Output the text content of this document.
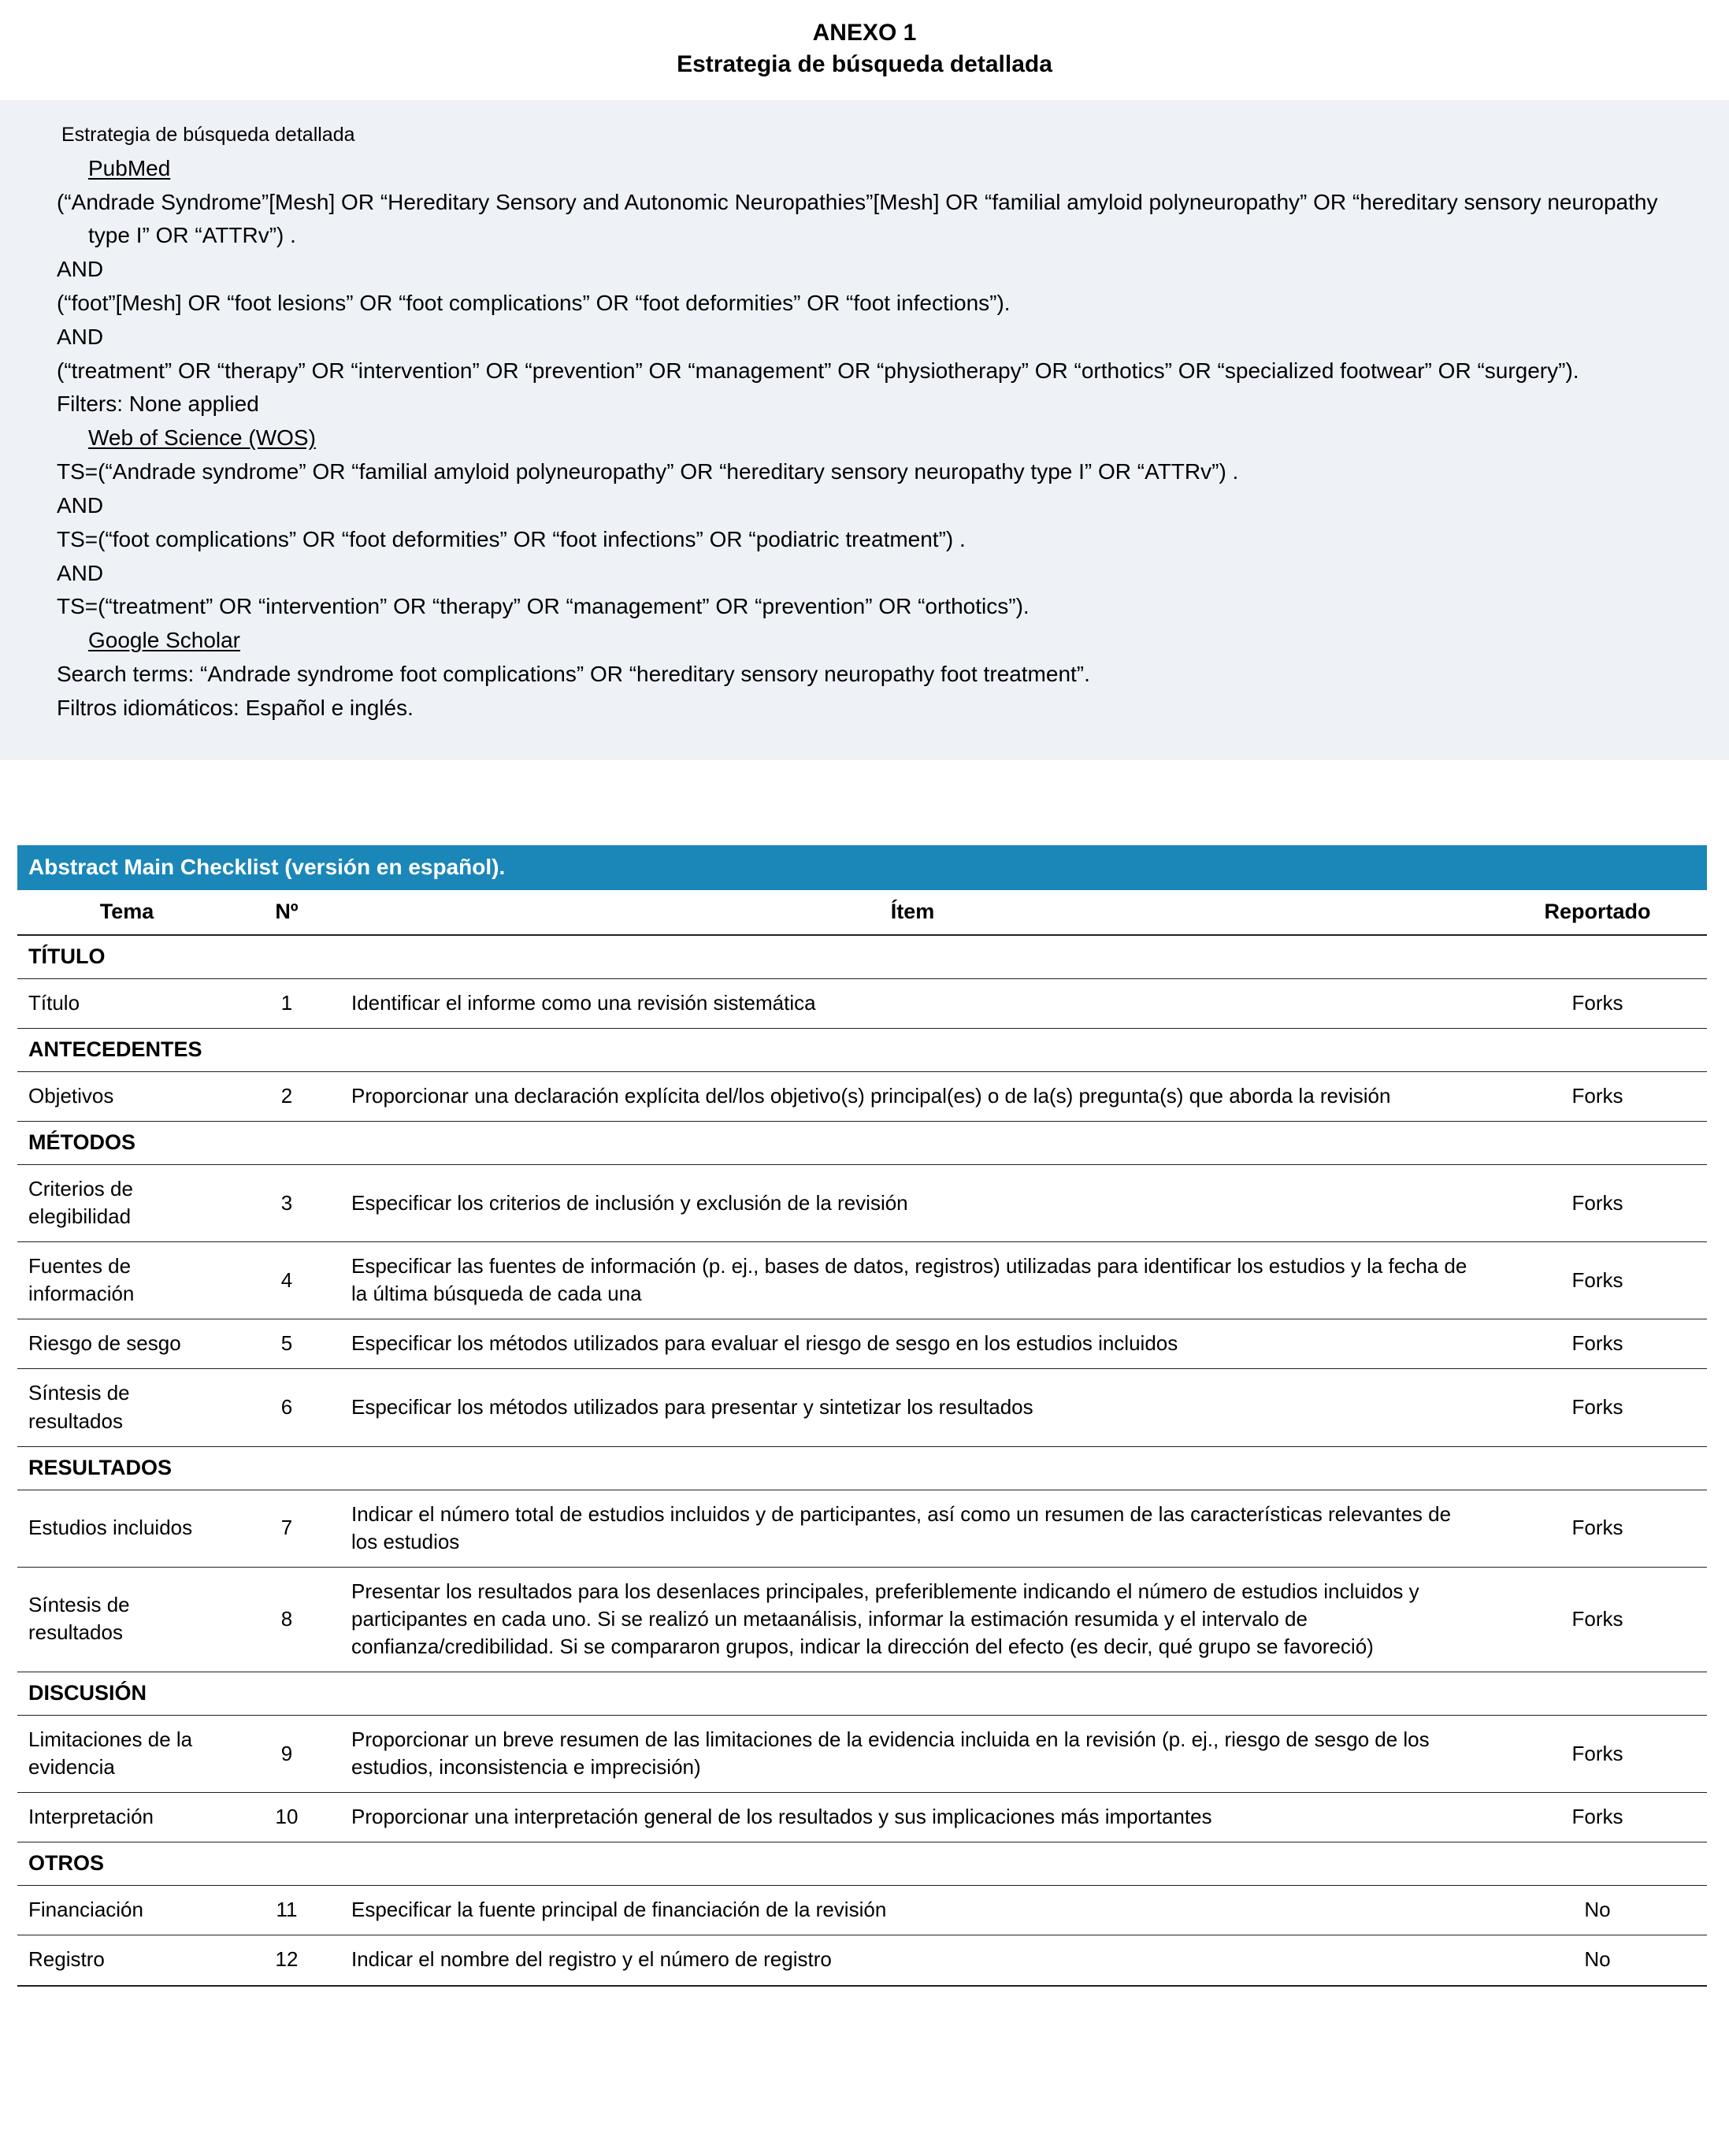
ANEXO 1
Estrategia de búsqueda detallada
Estrategia de búsqueda detallada
PubMed
(“Andrade Syndrome”[Mesh] OR “Hereditary Sensory and Autonomic Neuropathies”[Mesh] OR “familial amyloid polyneuropathy” OR “hereditary sensory neuropathy type I” OR “ATTRv”) .
AND
(“foot”[Mesh] OR “foot lesions” OR “foot complications” OR “foot deformities” OR “foot infections”).
AND
(“treatment” OR “therapy” OR “intervention” OR “prevention” OR “management” OR “physiotherapy” OR “orthotics” OR “specialized footwear” OR “surgery”).
Filters: None applied
Web of Science (WOS)
TS=(“Andrade syndrome” OR “familial amyloid polyneuropathy” OR “hereditary sensory neuropathy type I” OR “ATTRv”) .
AND
TS=(“foot complications” OR “foot deformities” OR “foot infections” OR “podiatric treatment”) .
AND
TS=(“treatment” OR “intervention” OR “therapy” OR “management” OR “prevention” OR “orthotics”).
Google Scholar
Search terms: “Andrade syndrome foot complications” OR “hereditary sensory neuropathy foot treatment”.
Filtros idiomáticos: Español e inglés.
Abstract Main Checklist (versión en español).
Tema	Nº	Ítem	Reportado
TÍTULO			
Título	1	Identificar el informe como una revisión sistemática	Forks
ANTECEDENTES			
Objetivos	2	Proporcionar una declaración explícita del/los objetivo(s) principal(es) o de la(s) pregunta(s) que aborda la revisión	Forks
MÉTODOS			
Criterios de elegibilidad	3	Especificar los criterios de inclusión y exclusión de la revisión	Forks
Fuentes de información	4	Especificar las fuentes de información (p. ej., bases de datos, registros) utilizadas para identificar los estudios y la fecha de la última búsqueda de cada una	Forks
Riesgo de sesgo	5	Especificar los métodos utilizados para evaluar el riesgo de sesgo en los estudios incluidos	Forks
Síntesis de resultados	6	Especificar los métodos utilizados para presentar y sintetizar los resultados	Forks
RESULTADOS			
Estudios incluidos	7	Indicar el número total de estudios incluidos y de participantes, así como un resumen de las características relevantes de los estudios	Forks
Síntesis de resultados	8	Presentar los resultados para los desenlaces principales, preferiblemente indicando el número de estudios incluidos y participantes en cada uno. Si se realizó un metaanálisis, informar la estimación resumida y el intervalo de confianza/credibilidad. Si se compararon grupos, indicar la dirección del efecto (es decir, qué grupo se favoreció)	Forks
DISCUSIÓN			
Limitaciones de la evidencia	9	Proporcionar un breve resumen de las limitaciones de la evidencia incluida en la revisión (p. ej., riesgo de sesgo de los estudios, inconsistencia e imprecisión)	Forks
Interpretación	10	Proporcionar una interpretación general de los resultados y sus implicaciones más importantes	Forks
OTROS			
Financiación	11	Especificar la fuente principal de financiación de la revisión	No
Registro	12	Indicar el nombre del registro y el número de registro	No
